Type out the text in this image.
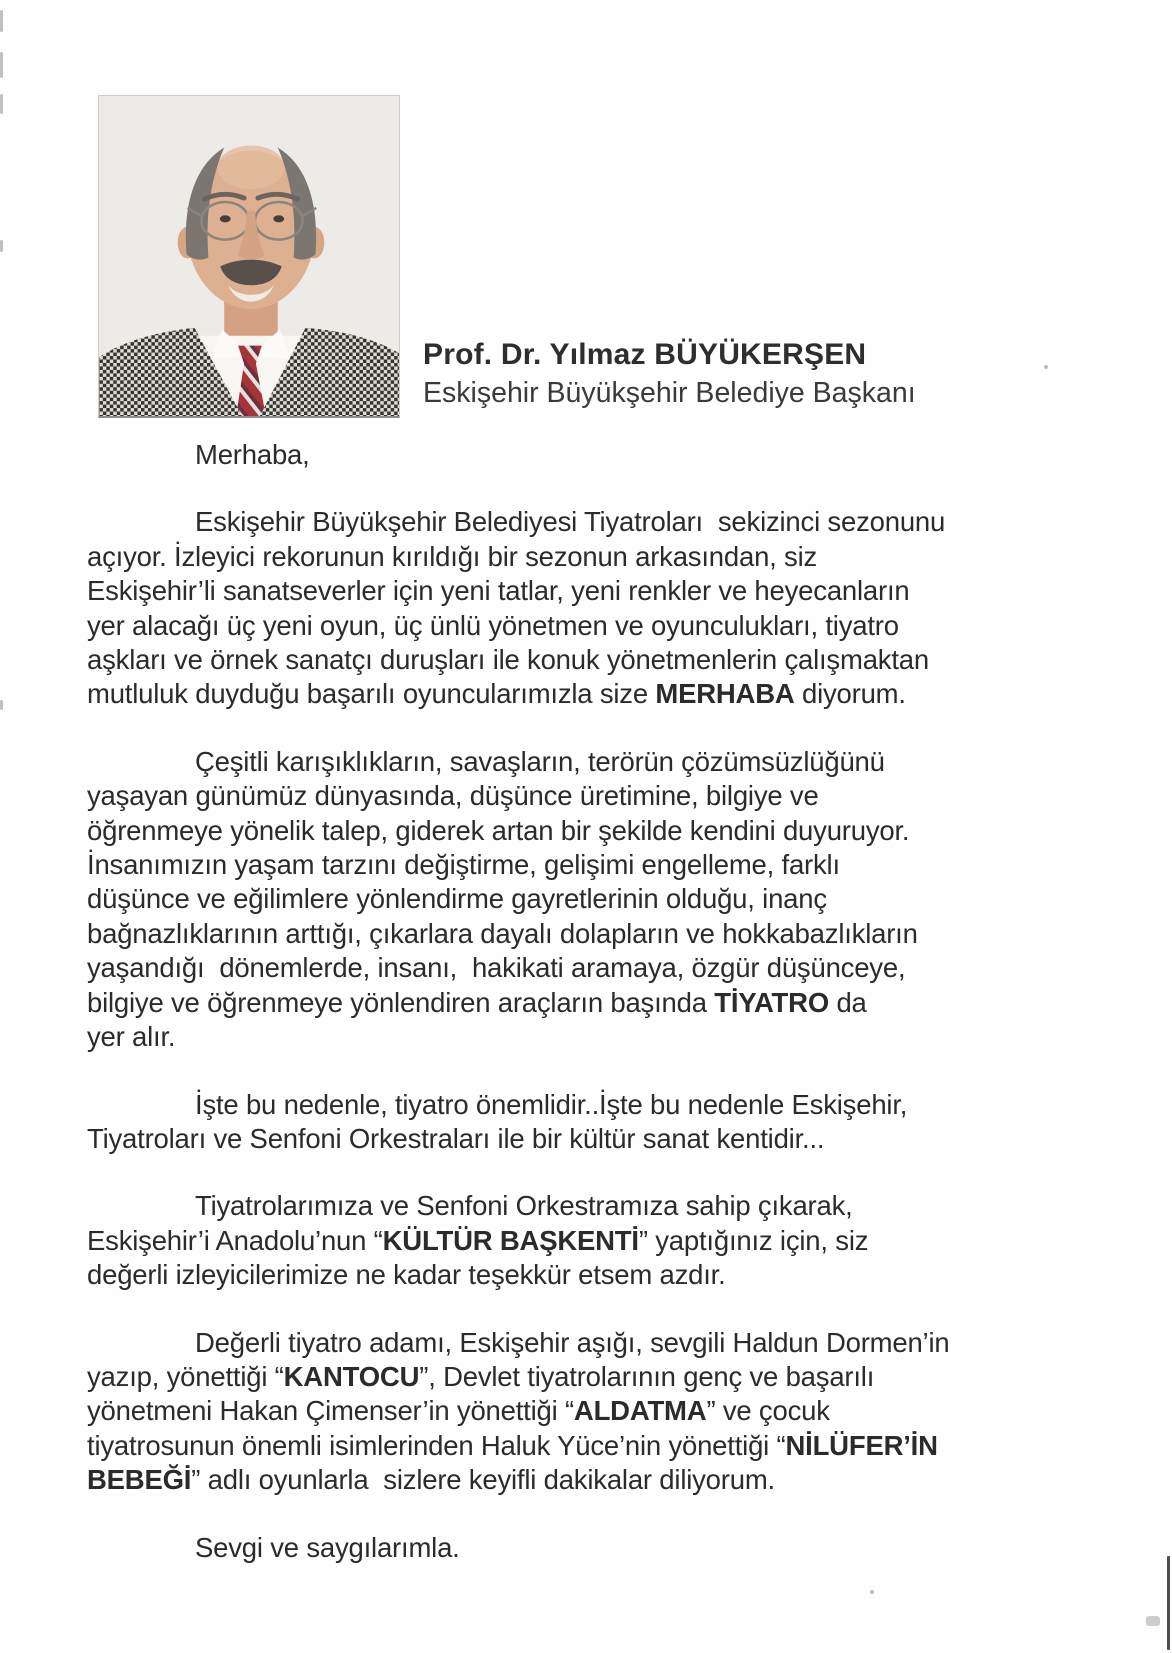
Prof. Dr. Yılmaz BÜYÜKERŞEN
Eskişehir Büyükşehir Belediye Başkanı
Merhaba,
Eskişehir Büyükşehir Belediyesi Tiyatroları  sekizinci sezonunu
açıyor. İzleyici rekorunun kırıldığı bir sezonun arkasından, siz
Eskişehir’li sanatseverler için yeni tatlar, yeni renkler ve heyecanların
yer alacağı üç yeni oyun, üç ünlü yönetmen ve oyunculukları, tiyatro
aşkları ve örnek sanatçı duruşları ile konuk yönetmenlerin çalışmaktan
mutluluk duyduğu başarılı oyuncularımızla size MERHABA diyorum.
Çeşitli karışıklıkların, savaşların, terörün çözümsüzlüğünü
yaşayan günümüz dünyasında, düşünce üretimine, bilgiye ve
öğrenmeye yönelik talep, giderek artan bir şekilde kendini duyuruyor.
İnsanımızın yaşam tarzını değiştirme, gelişimi engelleme, farklı
düşünce ve eğilimlere yönlendirme gayretlerinin olduğu, inanç
bağnazlıklarının arttığı, çıkarlara dayalı dolapların ve hokkabazlıkların
yaşandığı  dönemlerde, insanı,  hakikati aramaya, özgür düşünceye,
bilgiye ve öğrenmeye yönlendiren araçların başında TİYATRO da
yer alır.
İşte bu nedenle, tiyatro önemlidir..İşte bu nedenle Eskişehir,
Tiyatroları ve Senfoni Orkestraları ile bir kültür sanat kentidir...
Tiyatrolarımıza ve Senfoni Orkestramıza sahip çıkarak,
Eskişehir’i Anadolu’nun “KÜLTÜR BAŞKENTİ” yaptığınız için, siz
değerli izleyicilerimize ne kadar teşekkür etsem azdır.
Değerli tiyatro adamı, Eskişehir aşığı, sevgili Haldun Dormen’in
yazıp, yönettiği “KANTOCU”, Devlet tiyatrolarının genç ve başarılı
yönetmeni Hakan Çimenser’in yönettiği “ALDATMA” ve çocuk
tiyatrosunun önemli isimlerinden Haluk Yüce’nin yönettiği “NİLÜFER’İN
BEBEĞİ” adlı oyunlarla  sizlere keyifli dakikalar diliyorum.
Sevgi ve saygılarımla.
